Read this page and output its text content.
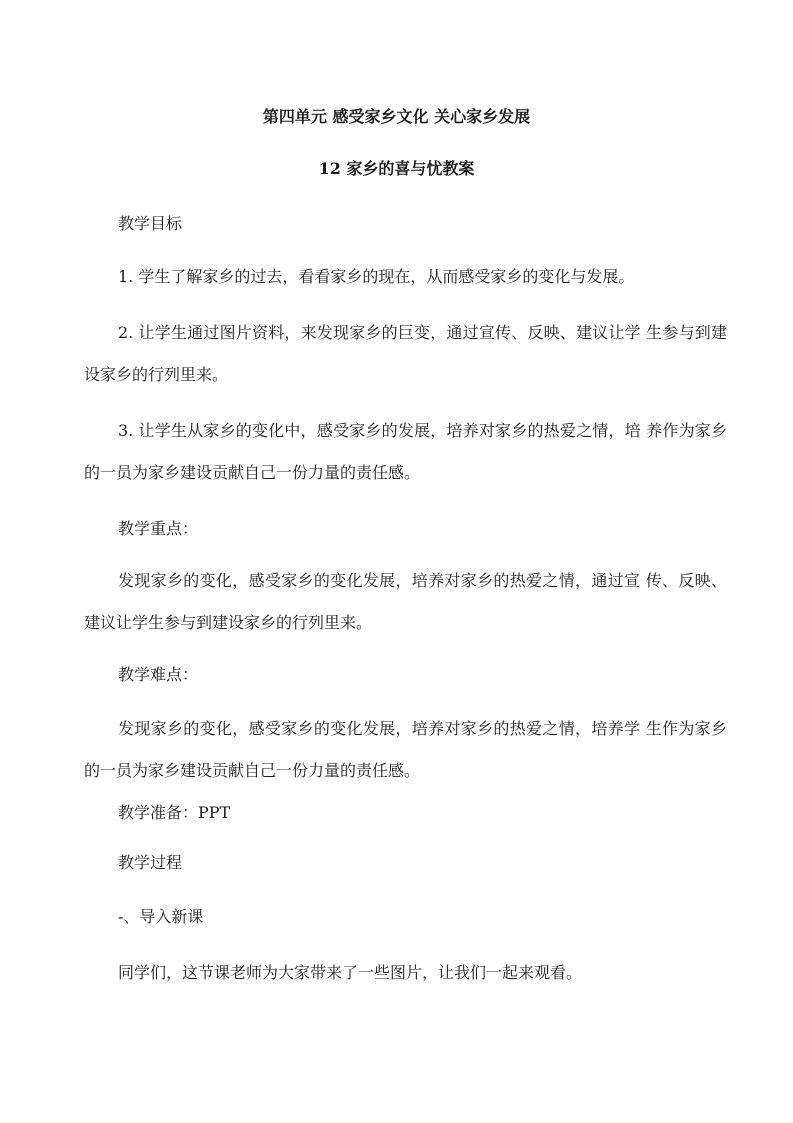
第四单元 感受家乡文化 关心家乡发展
12 家乡的喜与忧教案
教学目标
1. 学生了解家乡的过去，看看家乡的现在，从而感受家乡的变化与发展。

2. 让学生通过图片资料，来发现家乡的巨变，通过宣传、反映、建议让学 生参与到建设家乡的行列里来。

3. 让学生从家乡的变化中，感受家乡的发展，培养对家乡的热爱之情，培 养作为家乡的一员为家乡建设贡献自己一份力量的责任感。

教学重点：

发现家乡的变化，感受家乡的变化发展，培养对家乡的热爱之情，通过宣 传、反映、建议让学生参与到建设家乡的行列里来。

教学难点：

发现家乡的变化，感受家乡的变化发展，培养对家乡的热爱之情，培养学 生作为家乡的一员为家乡建设贡献自己一份力量的责任感。

教学准备：PPT
教学过程
-、导入新课
同学们，这节课老师为大家带来了一些图片，让我们一起来观看。
